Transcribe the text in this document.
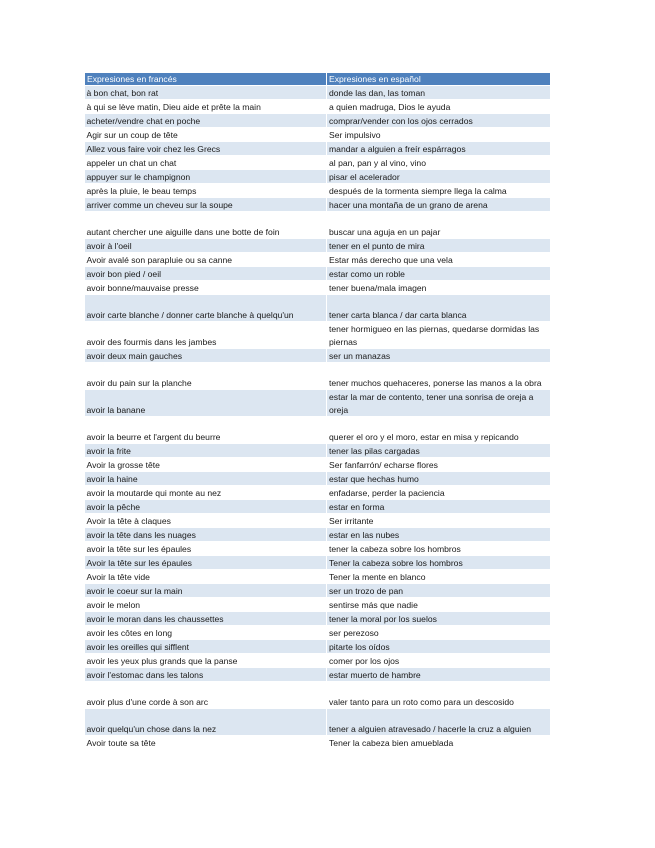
Expresiones en francés	Expresiones en español
à bon chat, bon rat	donde las dan, las toman
à qui se lève matin, Dieu aide et prête la main	a quien madruga, Dios le ayuda
acheter/vendre chat en poche	comprar/vender con los ojos cerrados
Agir sur un coup de tête	Ser impulsivo
Allez vous faire voir chez les Grecs	mandar a alguien a freír espárragos
appeler un chat un chat	al pan, pan y al vino, vino
appuyer sur le champignon	pisar el acelerador
après la pluie, le beau temps	después de la tormenta siempre llega la calma
arriver comme un cheveu sur la soupe	hacer una montaña de un grano de arena
autant chercher une aiguille dans une botte de foin	buscar una aguja en un pajar
avoir à l'oeil	tener en el punto de mira
Avoir avalé son parapluie ou sa canne	Estar más derecho que una vela
avoir bon pied / oeil	estar como un roble
avoir bonne/mauvaise presse	tener buena/mala imagen
avoir carte blanche / donner carte blanche à quelqu'un	tener carta blanca / dar carta blanca
avoir des fourmis dans les jambes	tener hormigueo en las piernas, quedarse dormidas las piernas
avoir deux main gauches	ser un manazas
avoir du pain sur la planche	tener muchos quehaceres, ponerse las manos a la obra
avoir la banane	estar la mar de contento, tener una sonrisa de oreja a oreja
avoir la beurre et l'argent du beurre	querer el oro y el moro, estar en misa y repicando
avoir la frite	tener las pilas cargadas
Avoir la grosse tête	Ser fanfarrón/ echarse flores
avoir la haine	estar que hechas humo
avoir la moutarde qui monte au nez	enfadarse, perder la paciencia
avoir la pêche	estar en forma
Avoir la tête à claques	Ser irritante
avoir la tête dans les nuages	estar en las nubes
avoir la tête sur les épaules	tener la cabeza sobre los hombros
Avoir la tête sur les épaules	Tener la cabeza sobre los hombros
Avoir la tête vide	Tener la mente en blanco
avoir le coeur sur la main	ser un trozo de pan
avoir le melon	sentirse más que nadie
avoir le moran dans les chaussettes	tener la moral por los suelos
avoir les côtes en long	ser perezoso
avoir les oreilles qui sifflent	pitarte los oídos
avoir les yeux plus grands que la panse	comer por los ojos
avoir l'estomac dans les talons	estar muerto de hambre
avoir plus d'une corde à son arc	valer tanto para un roto como para un descosido
avoir quelqu'un chose dans la nez	tener a alguien atravesado / hacerle la cruz a alguien
Avoir toute sa tête	Tener la cabeza bien amueblada
